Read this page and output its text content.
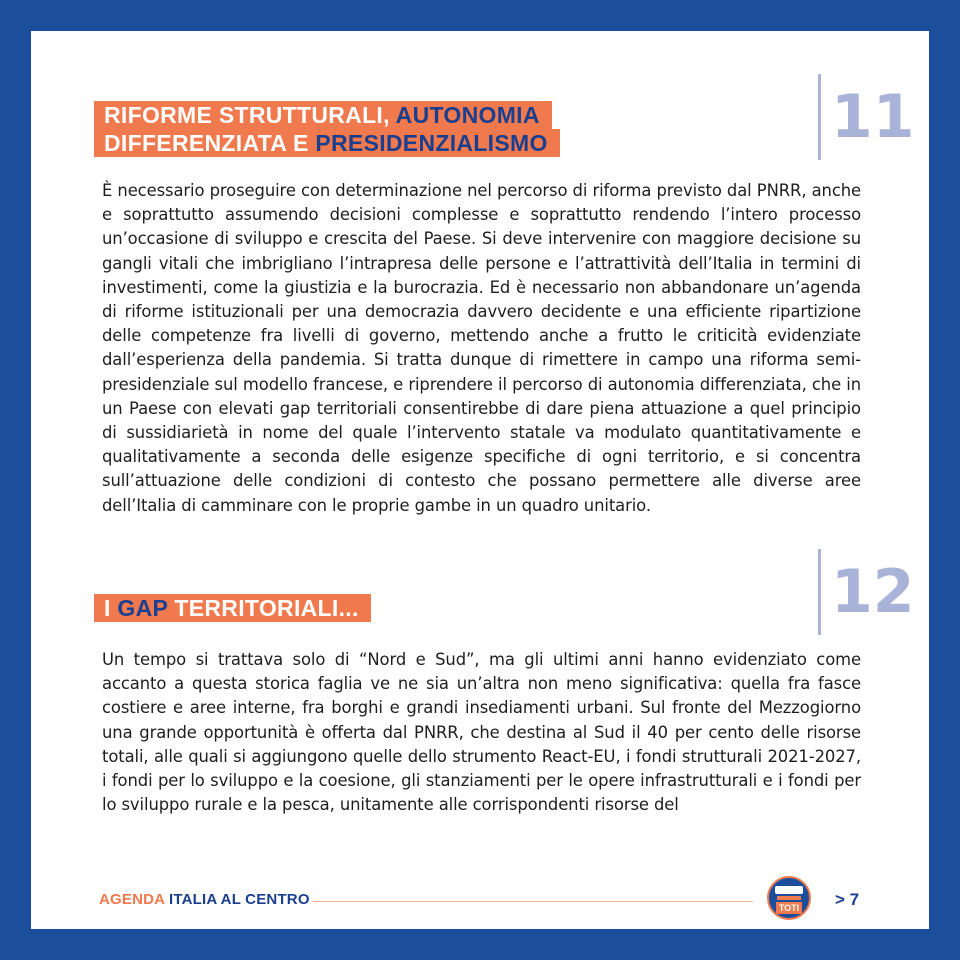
11
RIFORME STRUTTURALI, AUTONOMIA
DIFFERENZIATA E PRESIDENZIALISMO

È necessario proseguire con determinazione nel percorso di riforma previsto dal PNRR, anche e soprattutto assumendo decisioni complesse e soprattutto rendendo l’intero processo un’occasione di sviluppo e crescita del Paese. Si deve intervenire con maggiore decisione su gangli vitali che imbrigliano l’intrapresa delle persone e l’attrattività dell’Italia in termini di investimenti, come la giustizia e la burocrazia. Ed è necessario non abbandonare un’agenda di riforme istituzionali per una democrazia davvero decidente e una efficiente ripartizione delle competenze fra livelli di governo, mettendo anche a frutto le criticità evidenziate dall’esperienza della pandemia. Si tratta dunque di rimettere in campo una riforma semi-presidenziale sul modello francese, e riprendere il percorso di autonomia differenziata, che in un Paese con elevati gap territoriali consentirebbe di dare piena attuazione a quel principio di sussidiarietà in nome del quale l’intervento statale va modulato quantitativamente e qualitativamente a seconda delle esigenze specifiche di ogni territorio, e si concentra sull’attuazione delle condizioni di contesto che possano permettere alle diverse aree dell’Italia di camminare con le proprie gambe in un quadro unitario.

12
I GAP TERRITORIALI...

Un tempo si trattava solo di “Nord e Sud”, ma gli ultimi anni hanno evidenziato come accanto a questa storica faglia ve ne sia un’altra non meno significativa: quella fra fasce costiere e aree interne, fra borghi e grandi insediamenti urbani. Sul fronte del Mezzogiorno una grande opportunità è offerta dal PNRR, che destina al Sud il 40 per cento delle risorse totali, alle quali si aggiungono quelle dello strumento React-EU, i fondi strutturali 2021-2027, i fondi per lo sviluppo e la coesione, gli stanziamenti per le opere infrastrutturali e i fondi per lo sviluppo rurale e la pesca, unitamente alle corrispondenti risorse del

AGENDA ITALIA AL CENTRO	TOTI > 7
